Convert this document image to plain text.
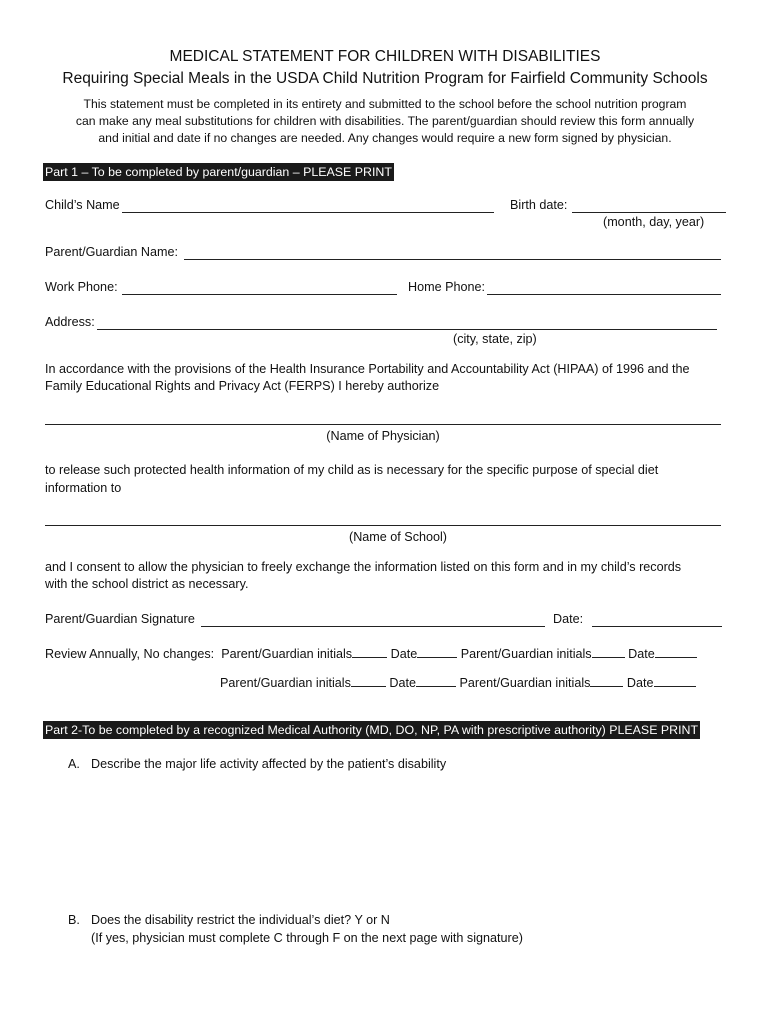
MEDICAL STATEMENT FOR CHILDREN WITH DISABILITIES
Requiring Special Meals in the USDA Child Nutrition Program for Fairfield Community Schools
This statement must be completed in its entirety and submitted to the school before the school nutrition program
can make any meal substitutions for children with disabilities. The parent/guardian should review this form annually
and initial and date if no changes are needed. Any changes would require a new form signed by physician.
Part 1 – To be completed by parent/guardian – PLEASE PRINT
Child’s Name	Birth date:
(month, day, year)
Parent/Guardian Name:
Work Phone:	Home Phone:
Address:
(city, state, zip)
In accordance with the provisions of the Health Insurance Portability and Accountability Act (HIPAA) of 1996 and the
Family Educational Rights and Privacy Act (FERPS) I hereby authorize
(Name of Physician)
to release such protected health information of my child as is necessary for the specific purpose of special diet
information to
(Name of School)
and I consent to allow the physician to freely exchange the information listed on this form and in my child’s records
with the school district as necessary.
Parent/Guardian Signature	Date:
Review Annually, No changes: Parent/Guardian initials	Date	Parent/Guardian initials	Date
Parent/Guardian initials	Date	Parent/Guardian initials	Date
Part 2-To be completed by a recognized Medical Authority (MD, DO, NP, PA with prescriptive authority) PLEASE PRINT
A. Describe the major life activity affected by the patient’s disability
B. Does the disability restrict the individual’s diet? Y or N
(If yes, physician must complete C through F on the next page with signature)
